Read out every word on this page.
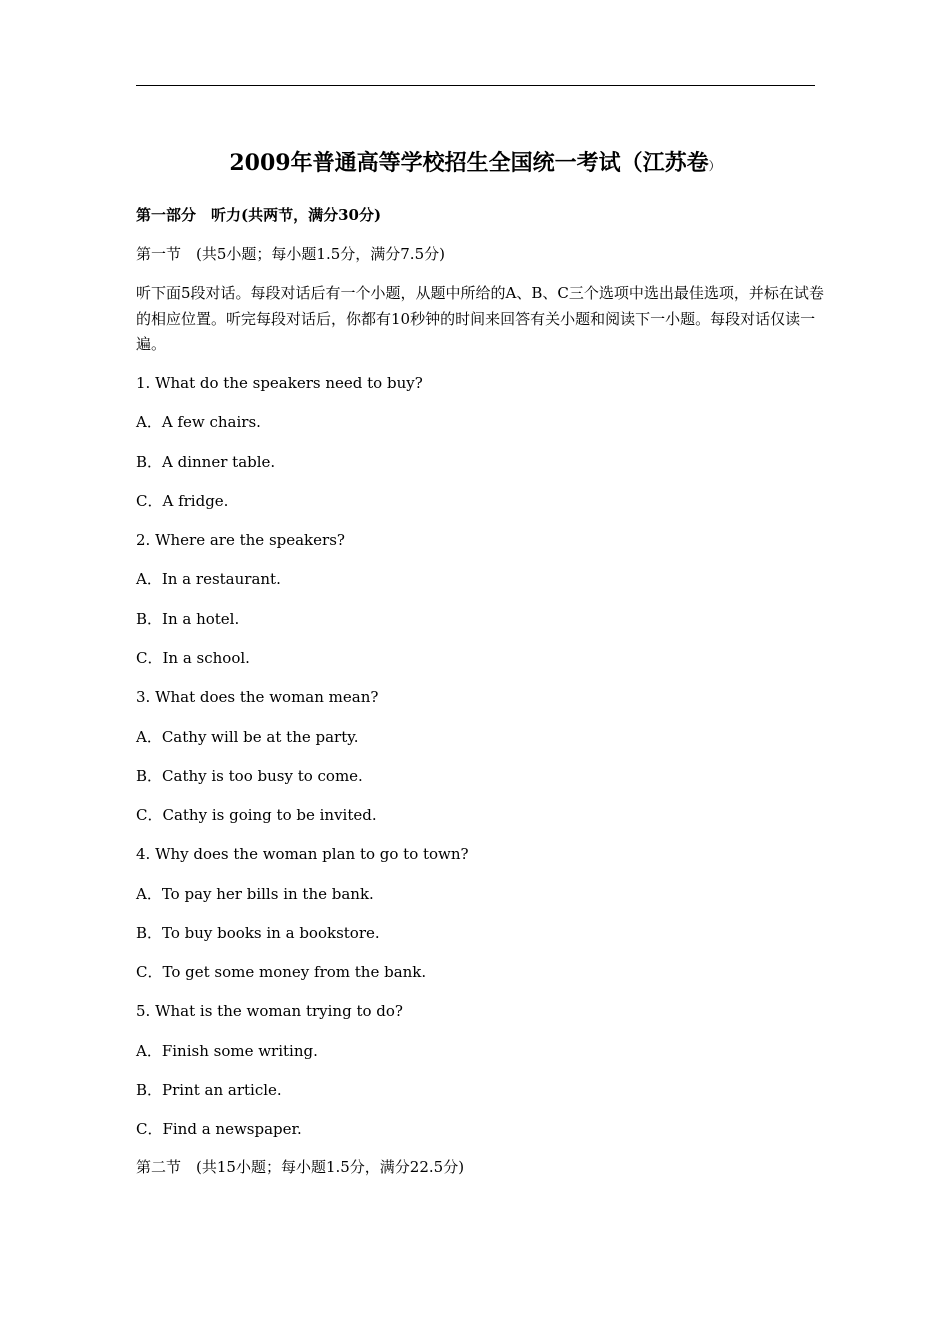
2009年普通高等学校招生全国统一考试（江苏卷）
第一部分　听力(共两节，满分30分)
第一节　(共5小题；每小题1.5分，满分7.5分)
听下面5段对话。每段对话后有一个小题，从题中所给的A、B、C三个选项中选出最佳选项，并标在试卷的相应位置。听完每段对话后，你都有10秒钟的时间来回答有关小题和阅读下一小题。每段对话仅读一遍。
1. What do the speakers need to buy?
A．A few chairs.
B．A dinner table.
C．A fridge.
2. Where are the speakers?
A．In a restaurant.
B．In a hotel.
C．In a school.
3. What does the woman mean?
A．Cathy will be at the party.
B．Cathy is too busy to come.
C．Cathy is going to be invited.
4. Why does the woman plan to go to town?
A．To pay her bills in the bank.
B．To buy books in a bookstore.
C．To get some money from the bank.
5. What is the woman trying to do?
A．Finish some writing.
B．Print an article.
C．Find a newspaper.
第二节　(共15小题；每小题1.5分，满分22.5分)
